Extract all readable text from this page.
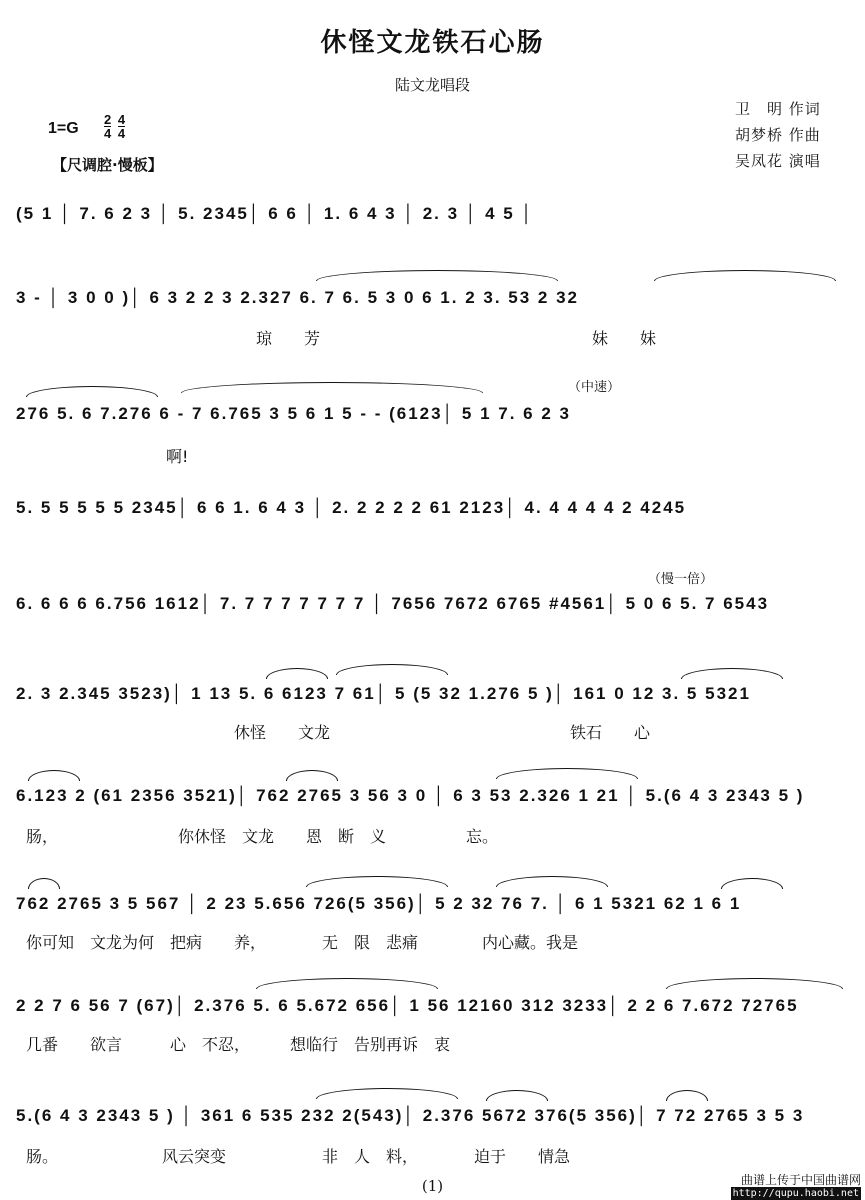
休怪文龙铁石心肠
陆文龙唱段
卫　明 作词
胡梦桥 作曲
吴凤花 演唱
$1=G \frac{2}{4} \frac{4}{4}$
【尺调腔·慢板】
(5 1 │ 7. 6 2 3 │ 5. 2345│ 6 6 │ 1. 6 4 3 │ 2. 3 │ 4 5 │
3 - │ 3 0 0 )│ 6 3 2 2 3 2.327 6. 7 6. 5 3 0 6 1. 2 3. 53 2 32
琼　　芳　　　　　　　　　　　　　　　　　妹　　妹
（中速）
276 5. 6 7.276 6 - 7 6.765 3 5 6 1 5 - - (6123│ 5 1 7. 6 2 3
啊!
5. 5 5 5 5 5 2345│ 6 6 1. 6 4 3 │ 2. 2 2 2 2 61 2123│ 4. 4 4 4 4 2 4245
（慢一倍）
6. 6 6 6 6.756 1612│ 7. 7 7 7 7 7 7 7 │ 7656 7672 6765 #4561│ 5 0 6 5. 7 6543
2. 3 2.345 3523)│ 1 13 5. 6 6123 7 61│ 5 (5 32 1.276 5 )│ 161 0 12 3. 5 5321
休怪　　文龙　　　　　　　　　　　　　　　铁石　　心
6.123 2 (61 2356 3521)│ 762 2765 3 56 3 0 │ 6 3 53 2.326 1 21 │ 5.(6 4 3 2343 5 )
肠，　　　　　　　　你休怪　文龙　　恩　断　义　　　　　忘。
762 2765 3 5 567 │ 2 23 5.656 726(5 356)│ 5 2 32 76 7. │ 6 1 5321 62 1 6 1
你可知　文龙为何　把病　　养，　　　　无　限　悲痛　　　　内心藏。我是
2 2 7 6 56 7 (67)│ 2.376 5. 6 5.672 656│ 1 56 12160 312 3233│ 2 2 6 7.672 72765
几番　　欲言　　　心　不忍，　　　想临行　告别再诉　衷
5.(6 4 3 2343 5 ) │ 361 6 535 232 2(543)│ 2.376 5672 376(5 356)│ 7 72 2765 3 5 3
肠。　　　　　　　风云突变　　　　　　非　人　料，　　　　迫于　　情急
(1)	曲谱上传于中国曲谱网
http://qupu.haobi.net
